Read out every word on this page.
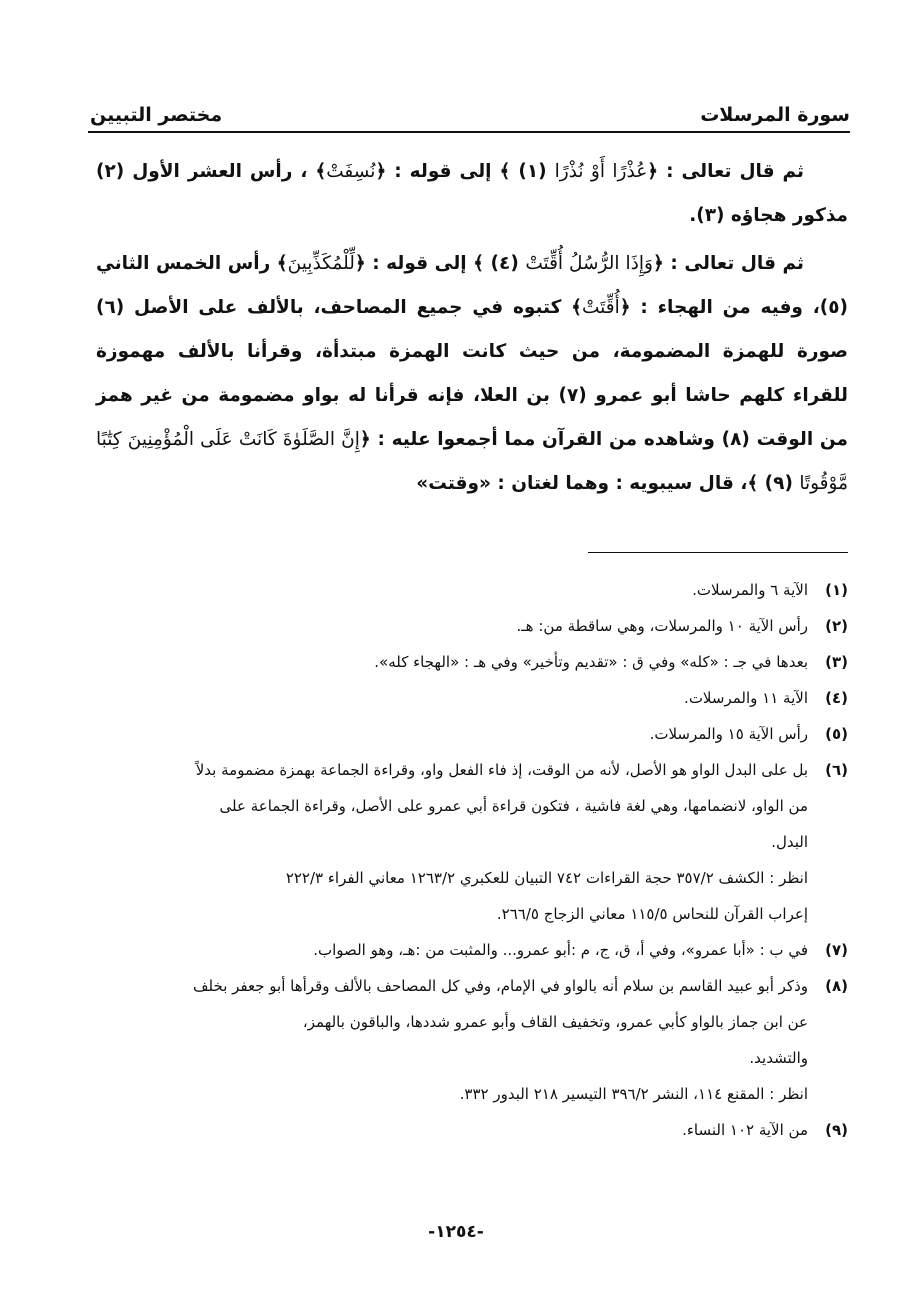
سورة المرسلات
مختصر التبيين

ثم قال تعالى : ﴿عُذْرًا أَوْ نُذْرًا (١) ﴾ إلى قوله : ﴿نُسِفَتْ﴾ ، رأس العشر الأول (٢) مذكور هجاؤه (٣).

ثم قال تعالى : ﴿وَإِذَا الرُّسُلُ أُقِّتَتْ (٤) ﴾ إلى قوله : ﴿لِّلْمُكَذِّبِينَ﴾ رأس الخمس الثاني (٥)، وفيه من الهجاء : ﴿أُقِّتَتْ﴾ كتبوه في جميع المصاحف، بالألف على الأصل (٦) صورة للهمزة المضمومة، من حيث كانت الهمزة مبتدأة، وقرأنا بالألف مهموزة للقراء كلهم حاشا أبو عمرو (٧) بن العلا، فإنه قرأنا له بواو مضمومة من غير همز من الوقت (٨) وشاهده من القرآن مما أجمعوا عليه : ﴿إِنَّ الصَّلَوٰةَ كَانَتْ عَلَى الْمُؤْمِنِينَ كِتَٰبًا مَّوْقُوتًا (٩) ﴾، قال سيبويه : وهما لغتان : «وقتت»

(١)
الآية ٦ والمرسلات.
(٢)
رأس الآية ١٠ والمرسلات، وهي ساقطة من: هـ.
(٣)
بعدها في جـ : «كله» وفي ق : «تقديم وتأخير» وفي هـ : «الهجاء كله».
(٤)
الآية ١١ والمرسلات.
(٥)
رأس الآية ١٥ والمرسلات.
(٦)
بل على البدل الواو هو الأصل، لأنه من الوقت، إذ فاء الفعل واو، وقراءة الجماعة بهمزة مضمومة بدلاً
من الواو، لانضمامها، وهي لغة فاشية ، فتكون قراءة أبي عمرو على الأصل، وقراءة الجماعة على
البدل.
انظر : الكشف ٣٥٧/٢ حجة القراءات ٧٤٢ التبيان للعكبري ١٢٦٣/٢ معاني الفراء ٢٢٢/٣
إعراب القرآن للنحاس ١١٥/٥ معاني الزجاج ٢٦٦/٥.
(٧)
في ب : «أبا عمرو»، وفي أ، ق، ج، م :أبو عمرو... والمثبت من :هـ، وهو الصواب.
(٨)
وذكر أبو عبيد القاسم بن سلام أنه بالواو في الإمام، وفي كل المصاحف بالألف وقرأها أبو جعفر بخلف
عن ابن جماز بالواو كأبي عمرو، وتخفيف القاف وأبو عمرو شددها، والباقون بالهمز،
والتشديد.
انظر : المقنع ١١٤، النشر ٣٩٦/٢ التيسير ٢١٨ البدور ٣٣٢.
(٩)
من الآية ١٠٢ النساء.
-١٢٥٤-
